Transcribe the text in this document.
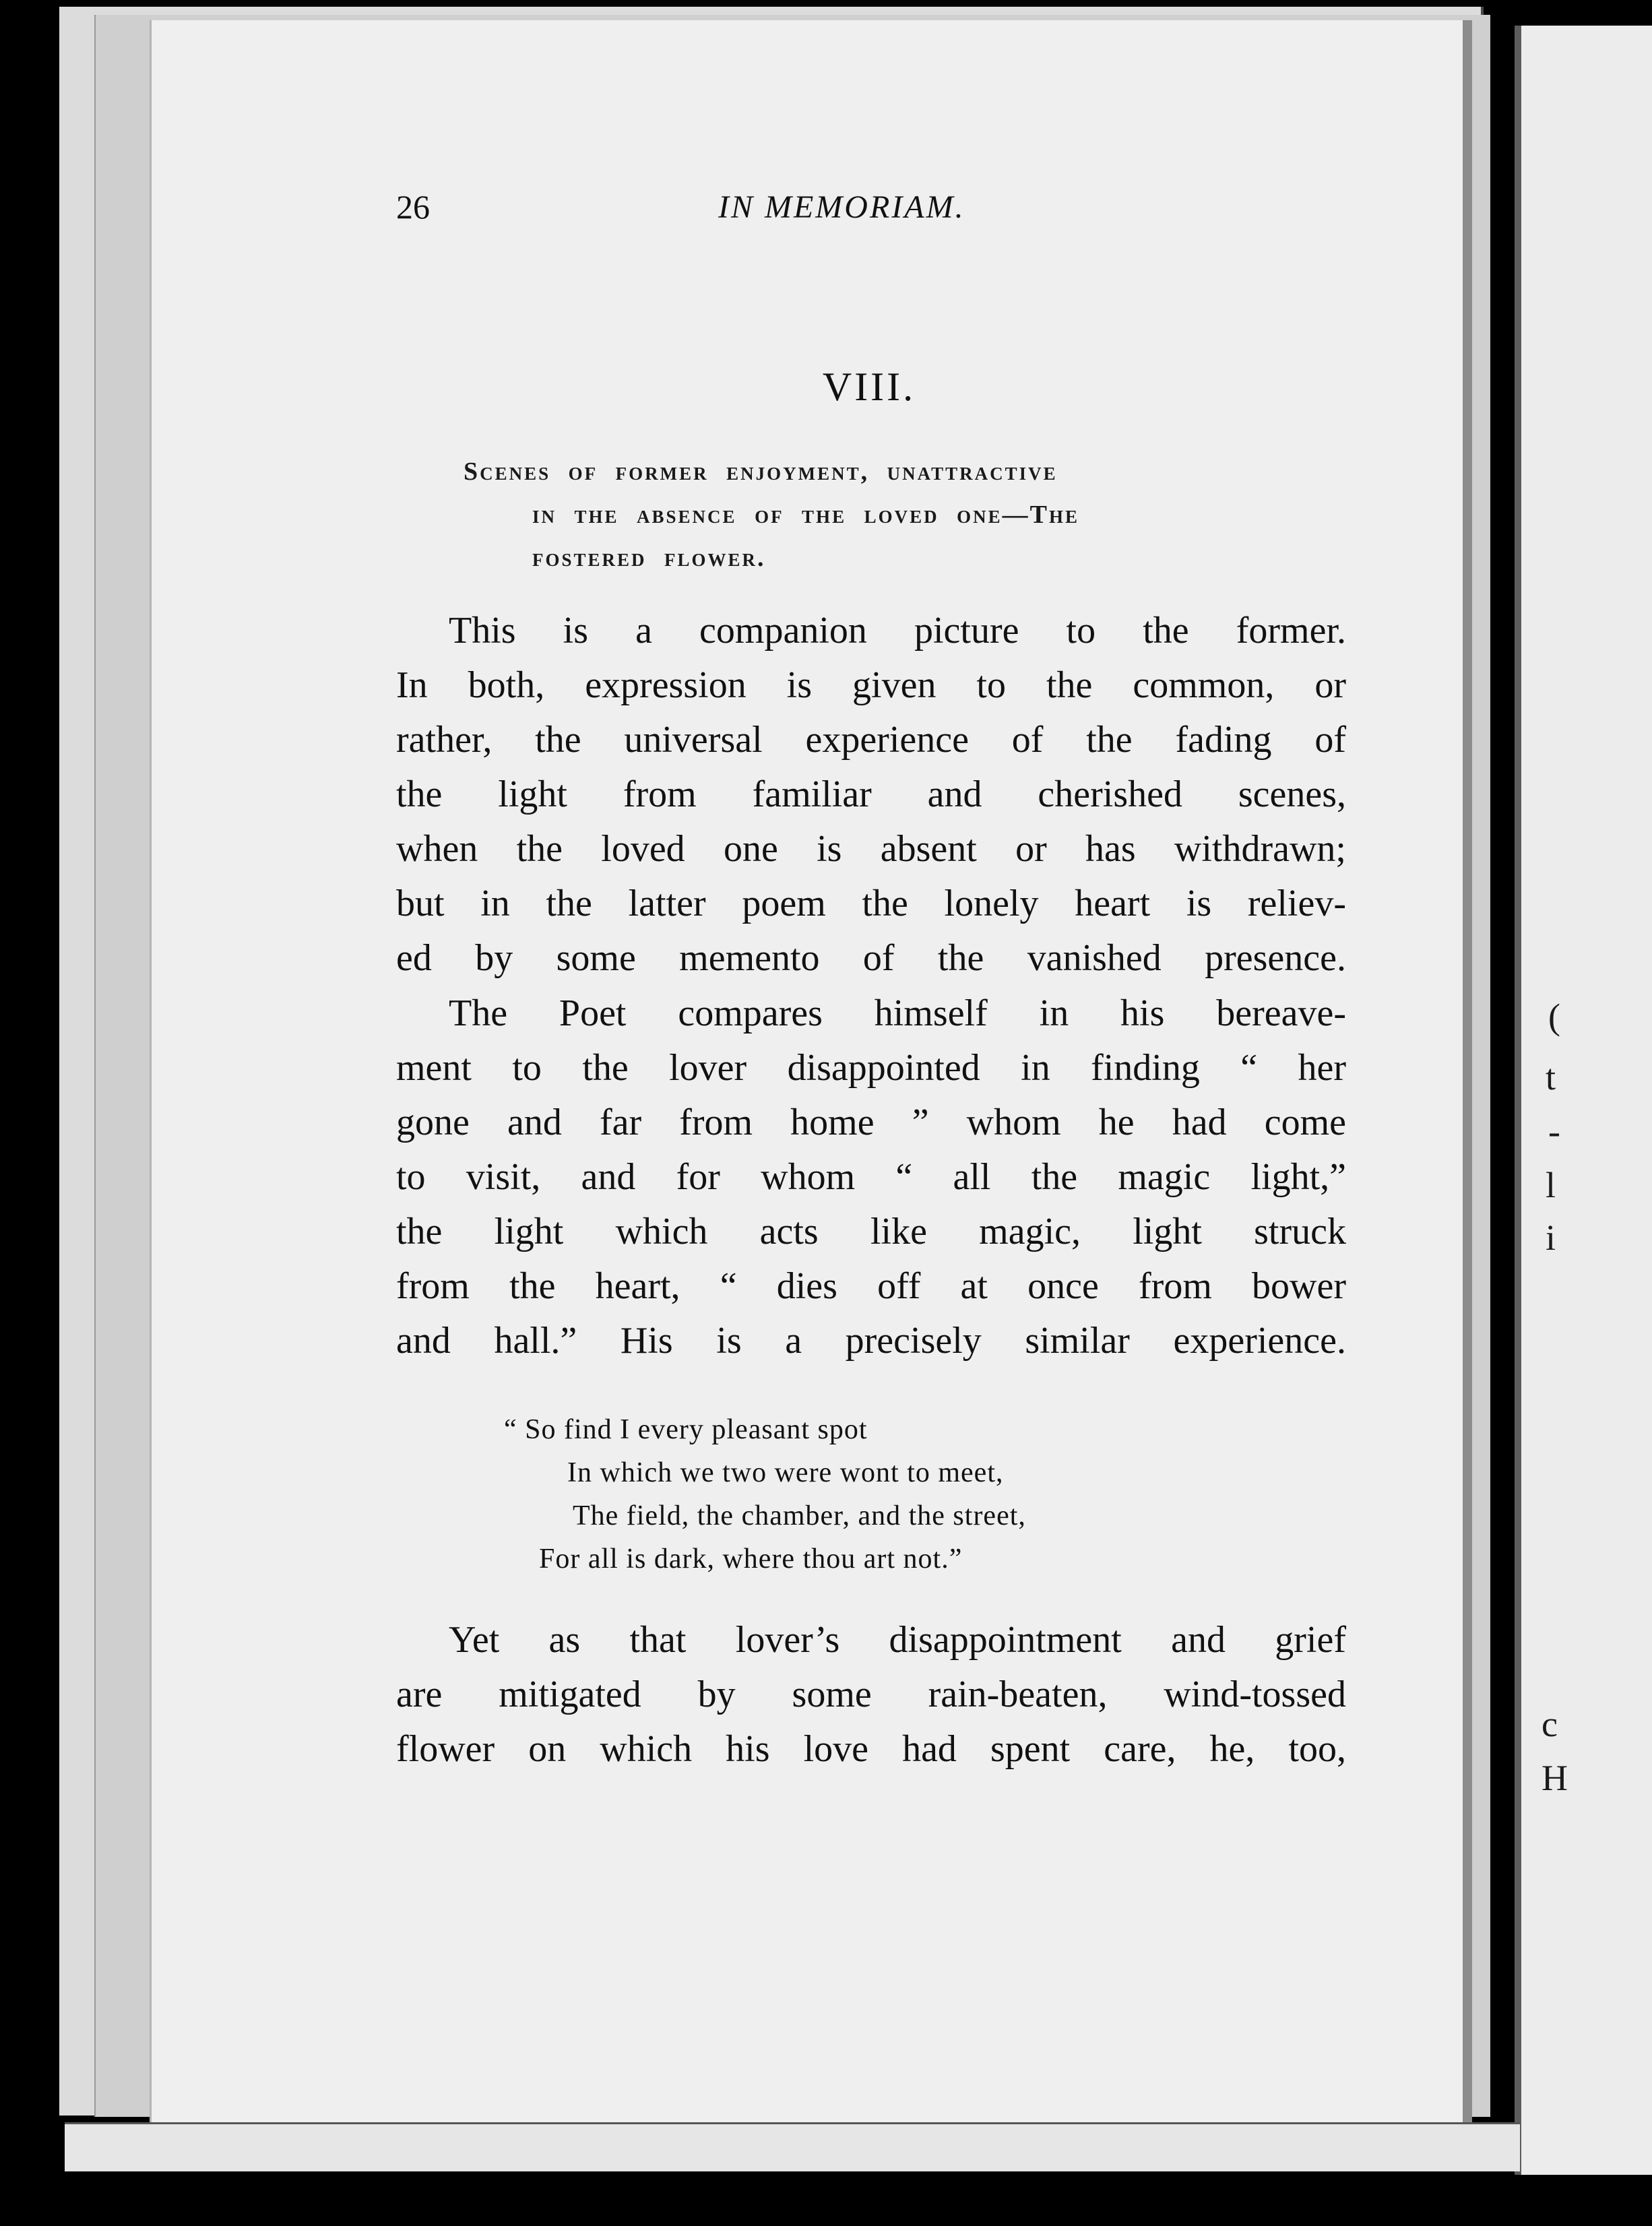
(
t
-
l
i
c
H
26	IN MEMORIAM.
VIII.
Scenes of former enjoyment, unattractive
in the absence of the loved one—The
fostered flower.
This is a companion picture to the former.
In both, expression is given to the common, or
rather, the universal experience of the fading of
the light from familiar and cherished scenes,
when the loved one is absent or has withdrawn;
but in the latter poem the lonely heart is reliev-
ed by some memento of the vanished presence.
The Poet compares himself in his bereave-
ment to the lover disappointed in finding “ her
gone and far from home ” whom he had come
to visit, and for whom “ all the magic light,”
the light which acts like magic, light struck
from the heart, “ dies off at once from bower
and hall.” His is a precisely similar experience.
“ So find I every pleasant spot
In which we two were wont to meet,
The field, the chamber, and the street,
For all is dark, where thou art not.”
Yet as that lover’s disappointment and grief
are mitigated by some rain-beaten, wind-tossed
flower on which his love had spent care, he, too,
